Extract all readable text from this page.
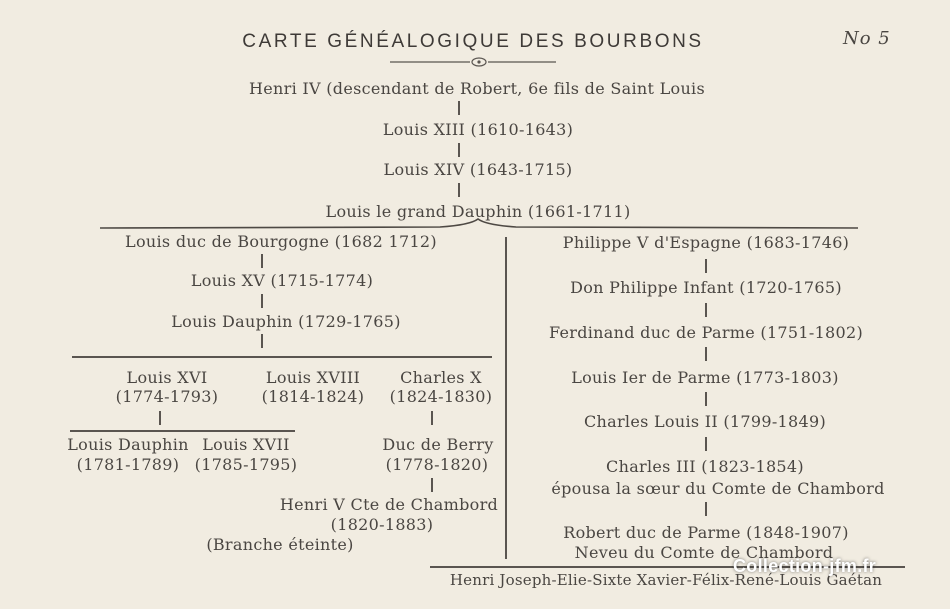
CARTE GÉNÉALOGIQUE DES BOURBONS	No 5
Henri IV (descendant de Robert, 6e fils de Saint Louis
Louis XIII (1610-1643)
Louis XIV (1643-1715)
Louis le grand Dauphin (1661-1711)
Louis duc de Bourgogne (1682 1712)
Louis XV (1715-1774)
Louis Dauphin (1729-1765)
Louis XVI
(1774-1793)
Louis XVIII
(1814-1824)
Charles X
(1824-1830)
Louis Dauphin
(1781-1789)
Louis XVII
(1785-1795)
Duc de Berry
(1778-1820)
Henri V Cte de Chambord
(1820-1883)
(Branche éteinte)
Philippe V d'Espagne (1683-1746)
Don Philippe Infant (1720-1765)
Ferdinand duc de Parme (1751-1802)
Louis Ier de Parme (1773-1803)
Charles Louis II (1799-1849)
Charles III (1823-1854)
épousa la sœur du Comte de Chambord
Robert duc de Parme (1848-1907)
Neveu du Comte de Chambord
Henri Joseph-Elie-Sixte Xavier-Félix-René-Louis Gaétan
Collection-jfm.fr
